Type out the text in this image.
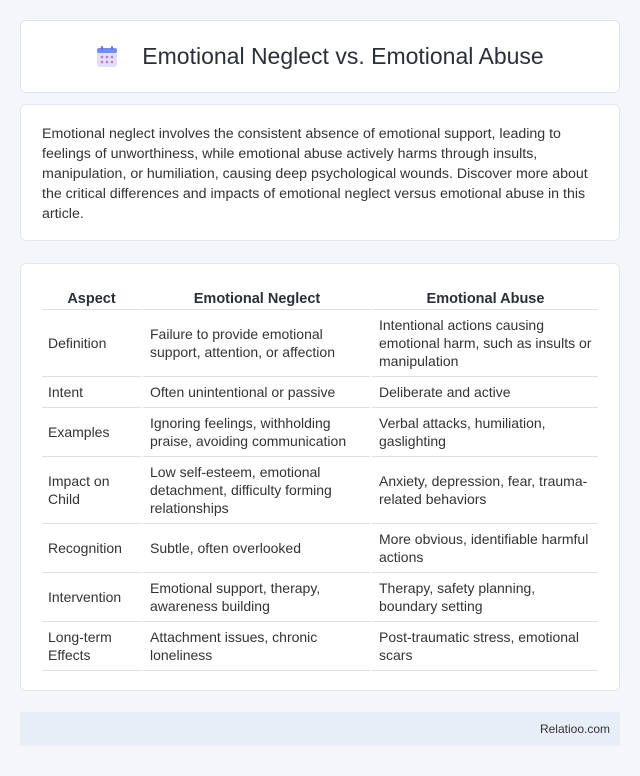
Emotional Neglect vs. Emotional Abuse

Emotional neglect involves the consistent absence of emotional support, leading to feelings of unworthiness, while emotional abuse actively harms through insults, manipulation, or humiliation, causing deep psychological wounds. Discover more about the critical differences and impacts of emotional neglect versus emotional abuse in this article.

Aspect	Emotional Neglect	Emotional Abuse
Definition	Failure to provide emotional support, attention, or affection	Intentional actions causing emotional harm, such as insults or manipulation
Intent	Often unintentional or passive	Deliberate and active
Examples	Ignoring feelings, withholding praise, avoiding communication	Verbal attacks, humiliation, gaslighting
Impact on Child	Low self-esteem, emotional detachment, difficulty forming relationships	Anxiety, depression, fear, trauma-related behaviors
Recognition	Subtle, often overlooked	More obvious, identifiable harmful actions
Intervention	Emotional support, therapy, awareness building	Therapy, safety planning, boundary setting
Long-term Effects	Attachment issues, chronic loneliness	Post-traumatic stress, emotional scars
Relatioo.com
